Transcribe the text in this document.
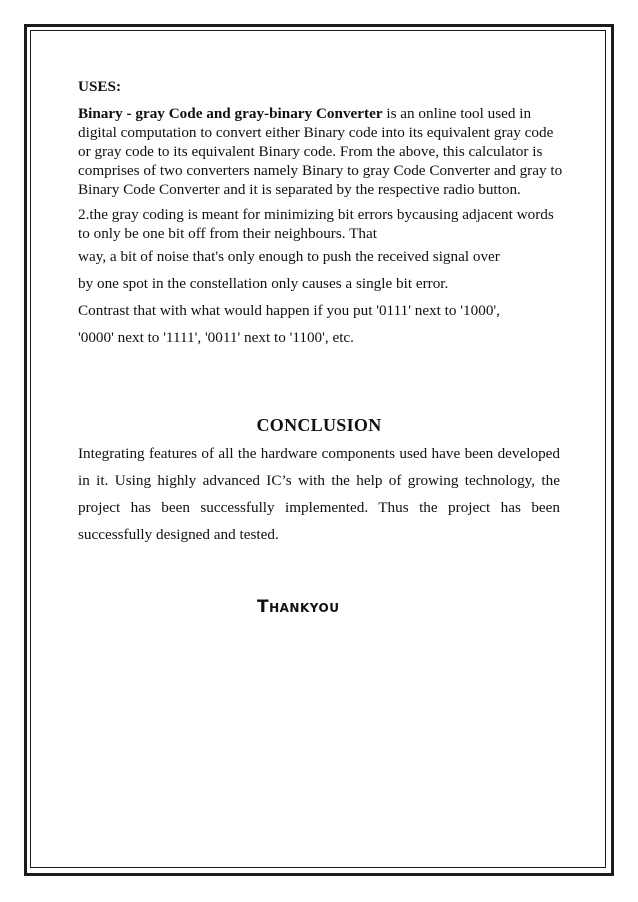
USES:
Binary - gray Code and gray-binary Converter is an online tool used in
digital computation to convert either Binary code into its equivalent gray code
or gray code to its equivalent Binary code. From the above, this calculator is
comprises of two converters namely Binary to gray Code Converter and gray to
Binary Code Converter and it is separated by the respective radio button.
2.the gray coding is meant for minimizing bit errors bycausing adjacent words
to only be one bit off from their neighbours. That
way, a bit of noise that's only enough to push the received signal over
by one spot in the constellation only causes a single bit error.
Contrast that with what would happen if you put '0111' next to '1000',
'0000' next to '1111', '0011' next to '1100', etc.
CONCLUSION

Integrating features of all the hardware components used have been developed in it. Using highly advanced IC’s with the help of growing technology, the project has been successfully implemented. Thus the project has been successfully designed and tested.

Thankyou
